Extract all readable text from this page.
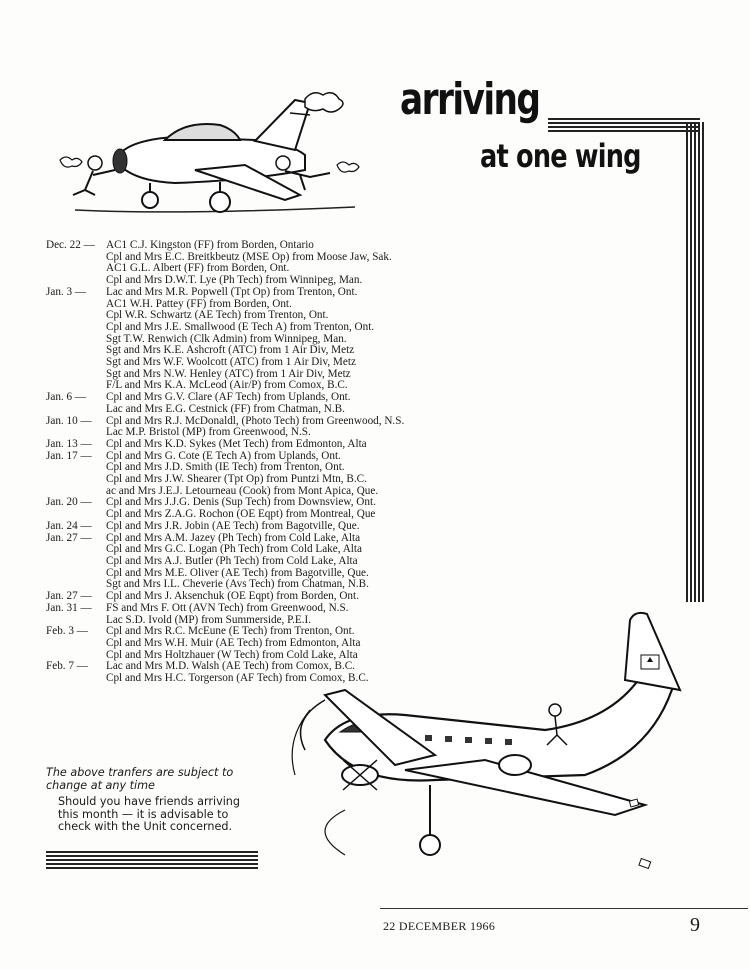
arriving
at one wing
Dec. 22 —	AC1 C.J. Kingston (FF) from Borden, Ontario
Cpl and Mrs E.C. Breitkbeutz (MSE Op) from Moose Jaw, Sak.
AC1 G.L. Albert (FF) from Borden, Ont.
Cpl and Mrs D.W.T. Lye (Ph Tech) from Winnipeg, Man.
Jan. 3 —	Lac and Mrs M.R. Popwell (Tpt Op) from Trenton, Ont.
AC1 W.H. Pattey (FF) from Borden, Ont.
Cpl W.R. Schwartz (AE Tech) from Trenton, Ont.
Cpl and Mrs J.E. Smallwood (E Tech A) from Trenton, Ont.
Sgt T.W. Renwich (Clk Admin) from Winnipeg, Man.
Sgt and Mrs K.E. Ashcroft (ATC) from 1 Air Div, Metz
Sgt and Mrs W.F. Woolcott (ATC) from 1 Air Div, Metz
Sgt and Mrs N.W. Henley (ATC) from 1 Air Div, Metz
F/L and Mrs K.A. McLeod (Air/P) from Comox, B.C.
Jan. 6 —	Cpl and Mrs G.V. Clare (AF Tech) from Uplands, Ont.
Lac and Mrs E.G. Cestnick (FF) from Chatman, N.B.
Jan. 10 —	Cpl and Mrs R.J. McDonaldl, (Photo Tech) from Greenwood, N.S.
Lac M.P. Bristol (MP) from Greenwood, N.S.
Jan. 13 —	Cpl and Mrs K.D. Sykes (Met Tech) from Edmonton, Alta
Jan. 17 —	Cpl and Mrs G. Cote (E Tech A) from Uplands, Ont.
Cpl and Mrs J.D. Smith (IE Tech) from Trenton, Ont.
Cpl and Mrs J.W. Shearer (Tpt Op) from Puntzi Mtn, B.C.
ac and Mrs J.E.J. Letourneau (Cook) from Mont Apica, Que.
Jan. 20 —	Cpl and Mrs J.J.G. Denis (Sup Tech) from Downsview, Ont.
Cpl and Mrs Z.A.G. Rochon (OE Eqpt) from Montreal, Que
Jan. 24 —	Cpl and Mrs J.R. Jobin (AE Tech) from Bagotville, Que.
Jan. 27 —	Cpl and Mrs A.M. Jazey (Ph Tech) from Cold Lake, Alta
Cpl and Mrs G.C. Logan (Ph Tech) from Cold Lake, Alta
Cpl and Mrs A.J. Butler (Ph Tech) from Cold Lake, Alta
Cpl and Mrs M.E. Oliver (AE Tech) from Bagotville, Que.
Sgt and Mrs I.L. Cheverie (Avs Tech) from Chatman, N.B.
Jan. 27 —	Cpl and Mrs J. Aksenchuk (OE Eqpt) from Borden, Ont.
Jan. 31 —	FS and Mrs F. Ott (AVN Tech) from Greenwood, N.S.
Lac S.D. Ivold (MP) from Summerside, P.E.I.
Feb. 3 —	Cpl and Mrs R.C. McEune (E Tech) from Trenton, Ont.
Cpl and Mrs W.H. Muir (AE Tech) from Edmonton, Alta
Cpl and Mrs Holtzhauer (W Tech) from Cold Lake, Alta
Feb. 7 —	Lac and Mrs M.D. Walsh (AE Tech) from Comox, B.C.
Cpl and Mrs H.C. Torgerson (AF Tech) from Comox, B.C.
The above tranfers are subject to change at any time
Should you have friends arriving this month — it is advisable to check with the Unit concerned.
22 DECEMBER 1966	9
